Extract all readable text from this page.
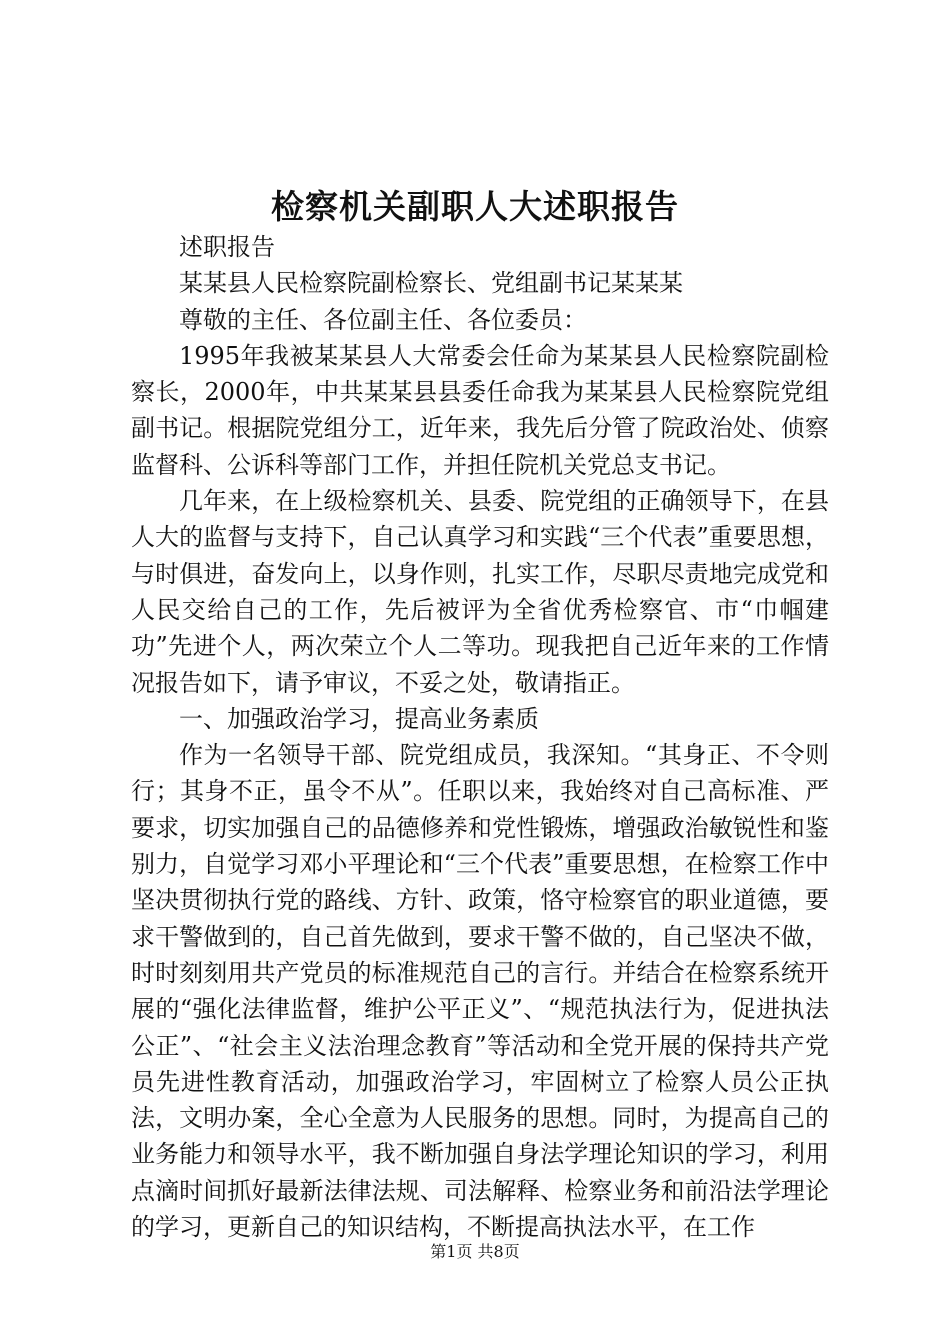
检察机关副职人大述职报告

述职报告

某某县人民检察院副检察长、党组副书记某某某

尊敬的主任、各位副主任、各位委员：

1995年我被某某县人大常委会任命为某某县人民检察院副检察长，2000年，中共某某县县委任命我为某某县人民检察院党组副书记。根据院党组分工，近年来，我先后分管了院政治处、侦察监督科、公诉科等部门工作，并担任院机关党总支书记。

几年来，在上级检察机关、县委、院党组的正确领导下，在县人大的监督与支持下，自己认真学习和实践“三个代表”重要思想，与时俱进，奋发向上，以身作则，扎实工作，尽职尽责地完成党和人民交给自己的工作，先后被评为全省优秀检察官、市“巾帼建功”先进个人，两次荣立个人二等功。现我把自己近年来的工作情况报告如下，请予审议，不妥之处，敬请指正。

一、加强政治学习，提高业务素质

作为一名领导干部、院党组成员，我深知。“其身正、不令则行；其身不正，虽令不从”。任职以来，我始终对自己高标准、严要求，切实加强自己的品德修养和党性锻炼，增强政治敏锐性和鉴别力，自觉学习邓小平理论和“三个代表”重要思想，在检察工作中坚决贯彻执行党的路线、方针、政策，恪守检察官的职业道德，要求干警做到的，自己首先做到，要求干警不做的，自己坚决不做，时时刻刻用共产党员的标准规范自己的言行。并结合在检察系统开展的“强化法律监督，维护公平正义”、“规范执法行为，促进执法公正”、“社会主义法治理念教育”等活动和全党开展的保持共产党员先进性教育活动，加强政治学习，牢固树立了检察人员公正执法，文明办案，全心全意为人民服务的思想。同时，为提高自己的业务能力和领导水平，我不断加强自身法学理论知识的学习，利用点滴时间抓好最新法律法规、司法解释、检察业务和前沿法学理论的学习，更新自己的知识结构，不断提高执法水平，在工作

第1页 共8页
